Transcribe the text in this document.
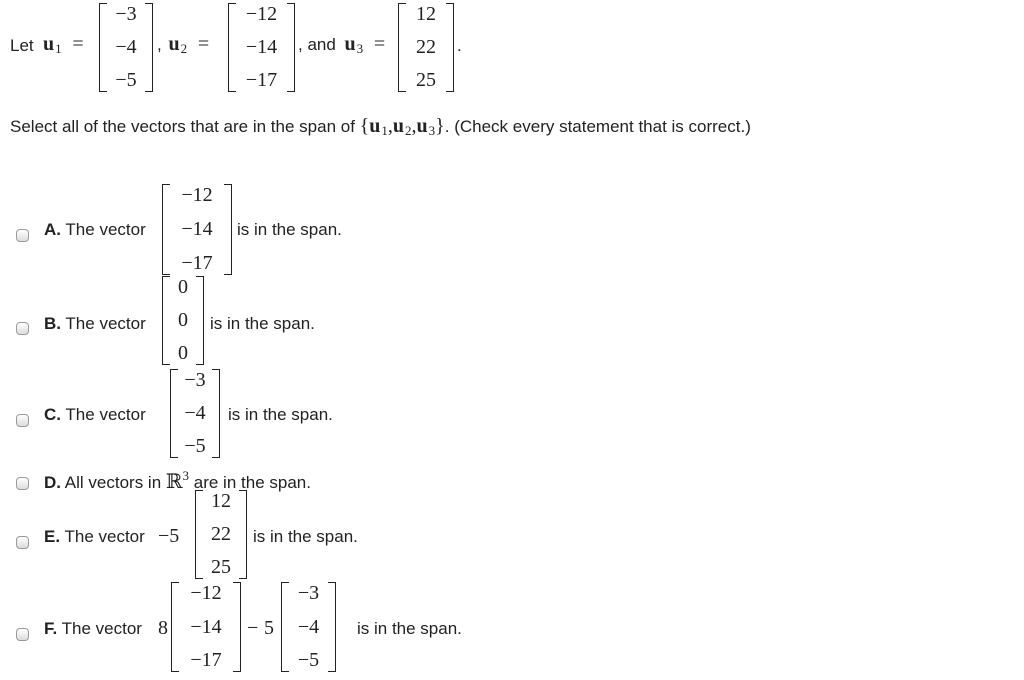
Let $u_1$ =
−3
−4
−5
, $u_2$ =
−12
−14
−17
, and $u_3$ =
12
22
25
.
Select all of the vectors that are in the span of $\{u_1,u_2,u_3\}$. (Check every statement that is correct.)
A. The vector
−12
−14
−17
is in the span.
B. The vector
0
0
0
is in the span.
C. The vector
−3
−4
−5
is in the span.
D. All vectors in ℝ$^3$ are in the span.
E. The vector −5
12
22
25
is in the span.
F. The vector 8
−12
−14
−17
− 5
−3
−4
−5
is in the span.
